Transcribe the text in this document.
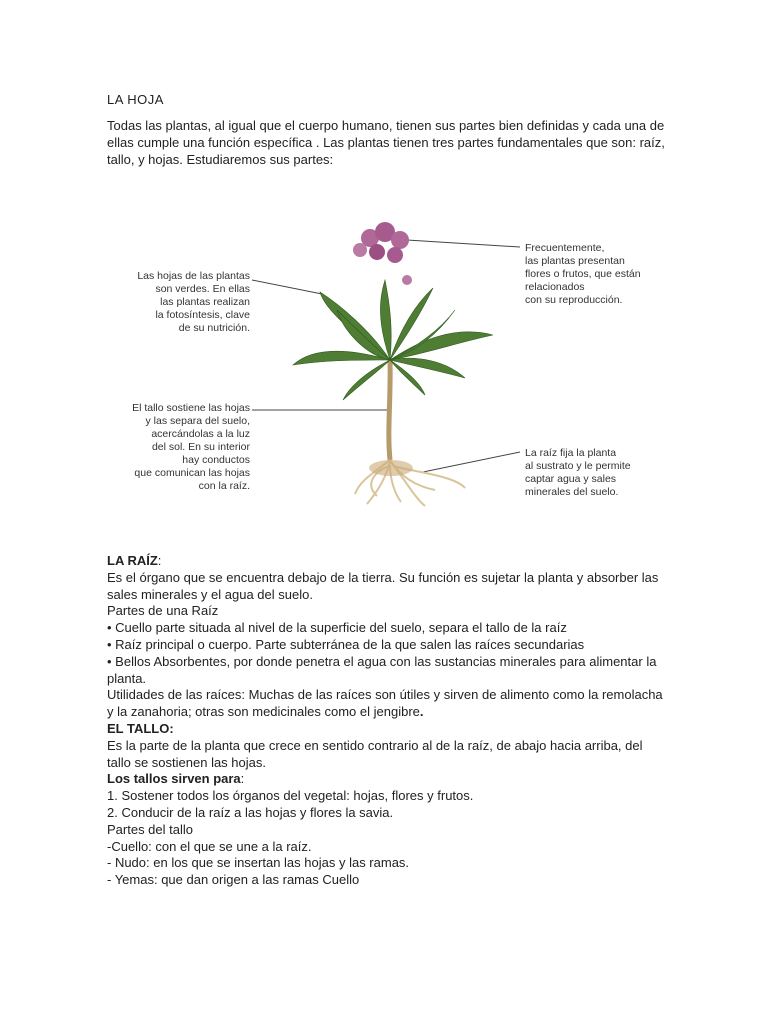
LA HOJA
Todas las plantas, al igual que el cuerpo humano, tienen sus partes bien definidas y cada una de ellas cumple una función específica . Las plantas tienen tres partes fundamentales que son: raíz, tallo, y hojas. Estudiaremos sus partes:
Las hojas de las plantas
son verdes. En ellas
las plantas realizan
la fotosíntesis, clave
de su nutrición.
Frecuentemente,
las plantas presentan
flores o frutos, que están
relacionados
con su reproducción.
El tallo sostiene las hojas
y las separa del suelo,
acercándolas a la luz
del sol. En su interior
hay conductos
que comunican las hojas
con la raíz.
La raíz fija la planta
al sustrato y le permite
captar agua y sales
minerales del suelo.

LA RAÍZ:

Es el órgano que se encuentra debajo de la tierra. Su función es sujetar la planta y absorber las sales minerales y el agua del suelo.

Partes de una Raíz

• Cuello parte situada al nivel de la superficie del suelo, separa el tallo de la raíz

• Raíz principal o cuerpo. Parte subterránea de la que salen las raíces secundarias

• Bellos Absorbentes, por donde penetra el agua con las sustancias minerales para alimentar la planta.

Utilidades de las raíces: Muchas de las raíces son útiles y sirven de alimento como la remolacha y la zanahoria; otras son medicinales como el jengibre.

EL TALLO:

Es la parte de la planta que crece en sentido contrario al de la raíz, de abajo hacia arriba, del tallo se sostienen las hojas.

Los tallos sirven para:

1. Sostener todos los órganos del vegetal: hojas, flores y frutos.

2. Conducir de la raíz a las hojas y flores la savia.

Partes del tallo

-Cuello: con el que se une a la raíz.

- Nudo: en los que se insertan las hojas y las ramas.

- Yemas: que dan origen a las ramas Cuello
